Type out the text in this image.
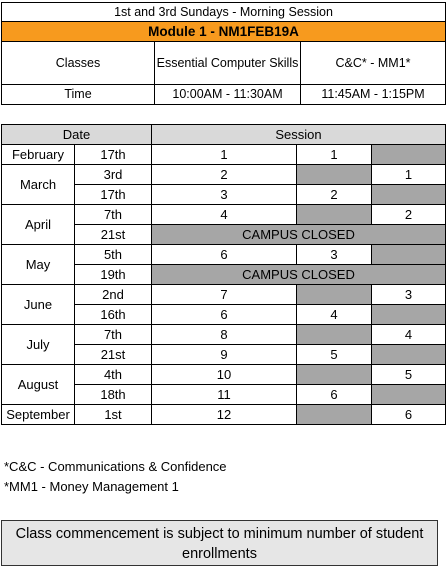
1st and 3rd Sundays - Morning Session		
Module 1 - NM1FEB19A		
Classes	Essential Computer Skills	C&C* - MM1*
Time	10:00AM - 11:30AM	11:45AM - 1:15PM
Date		Session		
February	17th	1	1	
March	3rd	2		1
	17th	3	2	
April	7th	4		2
	21st	CAMPUS CLOSED		
May	5th	6	3	
	19th	CAMPUS CLOSED		
June	2nd	7		3
	16th	6	4	
July	7th	8		4
	21st	9	5	
August	4th	10		5
	18th	11	6	
September	1st	12		6
*C&C - Communications & Confidence
*MM1 - Money Management 1
Class commencement is subject to minimum number of student enrollments
